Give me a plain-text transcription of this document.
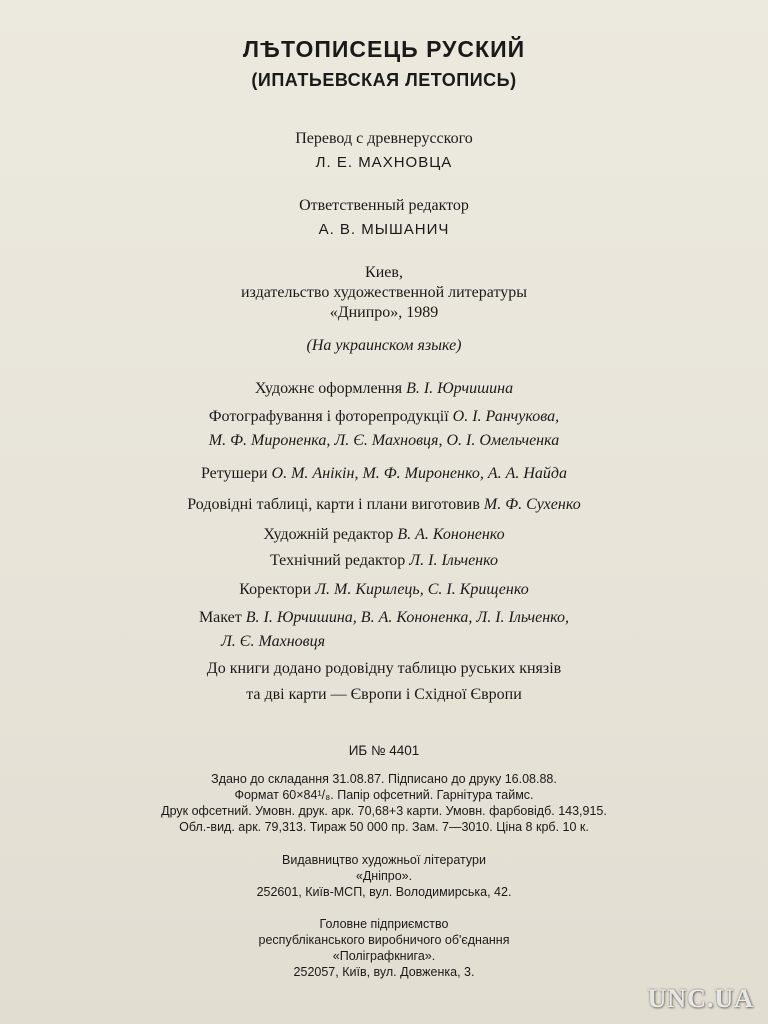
ЛѢТОПИСЕЦЬ РУСКИЙ
(ИПАТЬЕВСКАЯ ЛЕТОПИСЬ)
Перевод с древнерусского
Л. Е. МАХНОВЦА
Ответственный редактор
А. В. МЫШАНИЧ
Киев,
издательство художественной литературы
«Днипро», 1989
(На украинском языке)
Художнє оформлення В. І. Юрчишина
Фотографування і фоторепродукції О. І. Ранчукова,
М. Ф. Мироненка, Л. Є. Махновця, О. І. Омельченка
Ретушери О. М. Анікін, М. Ф. Мироненко, А. А. Найда
Родовідні таблиці, карти і плани виготовив М. Ф. Сухенко
Художній редактор В. А. Кононенко
Технічний редактор Л. І. Ільченко
Коректори Л. М. Кирилець, С. І. Крищенко
Макет В. І. Юрчишина, В. А. Кононенка, Л. І. Ільченко,
Л. Є. Махновця
До книги додано родовідну таблицю руських князів
та дві карти — Європи і Східної Європи
ИБ № 4401
Здано до складання 31.08.87. Підписано до друку 16.08.88.
Формат 60×84¹/₈. Папір офсетний. Гарнітура таймс.
Друк офсетний. Умовн. друк. арк. 70,68+3 карти. Умовн. фарбовідб. 143,915.
Обл.-вид. арк. 79,313. Тираж 50 000 пр. Зам. 7—3010. Ціна 8 крб. 10 к.
Видавництво художньої літератури
«Дніпро».
252601, Київ-МСП, вул. Володимирська, 42.
Головне підприємство
республіканського виробничого об'єднання
«Поліграфкнига».
252057, Київ, вул. Довженка, 3.
UNC.UA
